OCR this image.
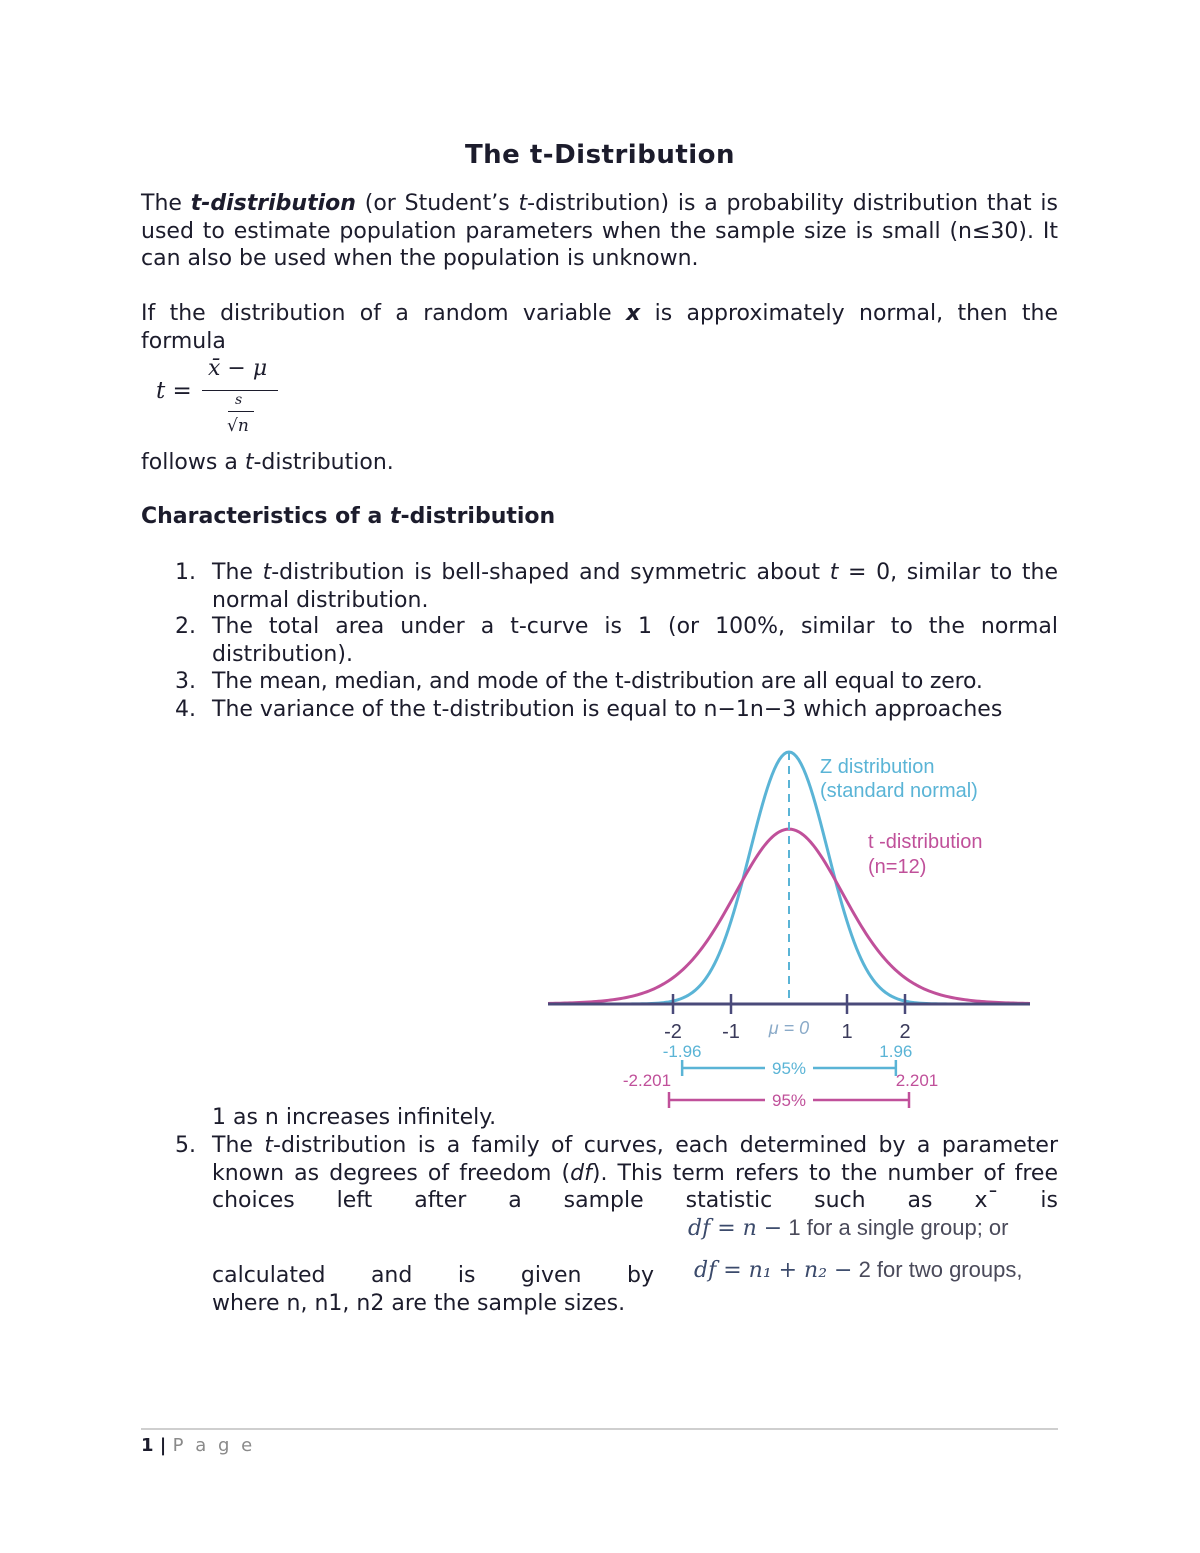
The t-Distribution
The t-distribution (or Student’s t-distribution) is a probability distribution that is used to estimate population parameters when the sample size is small (n≤30). It can also be used when the population is unknown.
If the distribution of a random variable x is approximately normal, then the formula
t =
x̄ − μ
s
√n
follows a t-distribution.
Characteristics of a t-distribution
1. The t-distribution is bell-shaped and symmetric about t = 0, similar to the normal distribution.
2. The total area under a t-curve is 1 (or 100%, similar to the normal distribution).
3. The mean, median, and mode of the t-distribution are all equal to zero.
4. The variance of the t-distribution is equal to n−1n−3 which approaches
-2 -1	1 2
μ = 0
Z distribution
(standard normal)
t -distribution
(n=12)
95%
-1.96	1.96
95%
-2.201	2.201
1 as n increases infinitely.
5. The t-distribution is a family of curves, each determined by a parameter known as degrees of freedom (df). This term refers to the number of free choices left after a sample statistic such as x¯ is
calculated and is given by
where n, n1, n2 are the sample sizes.
df = n − 1 for a single group; or
df = n₁ + n₂ − 2 for two groups,
1 | P a g e
